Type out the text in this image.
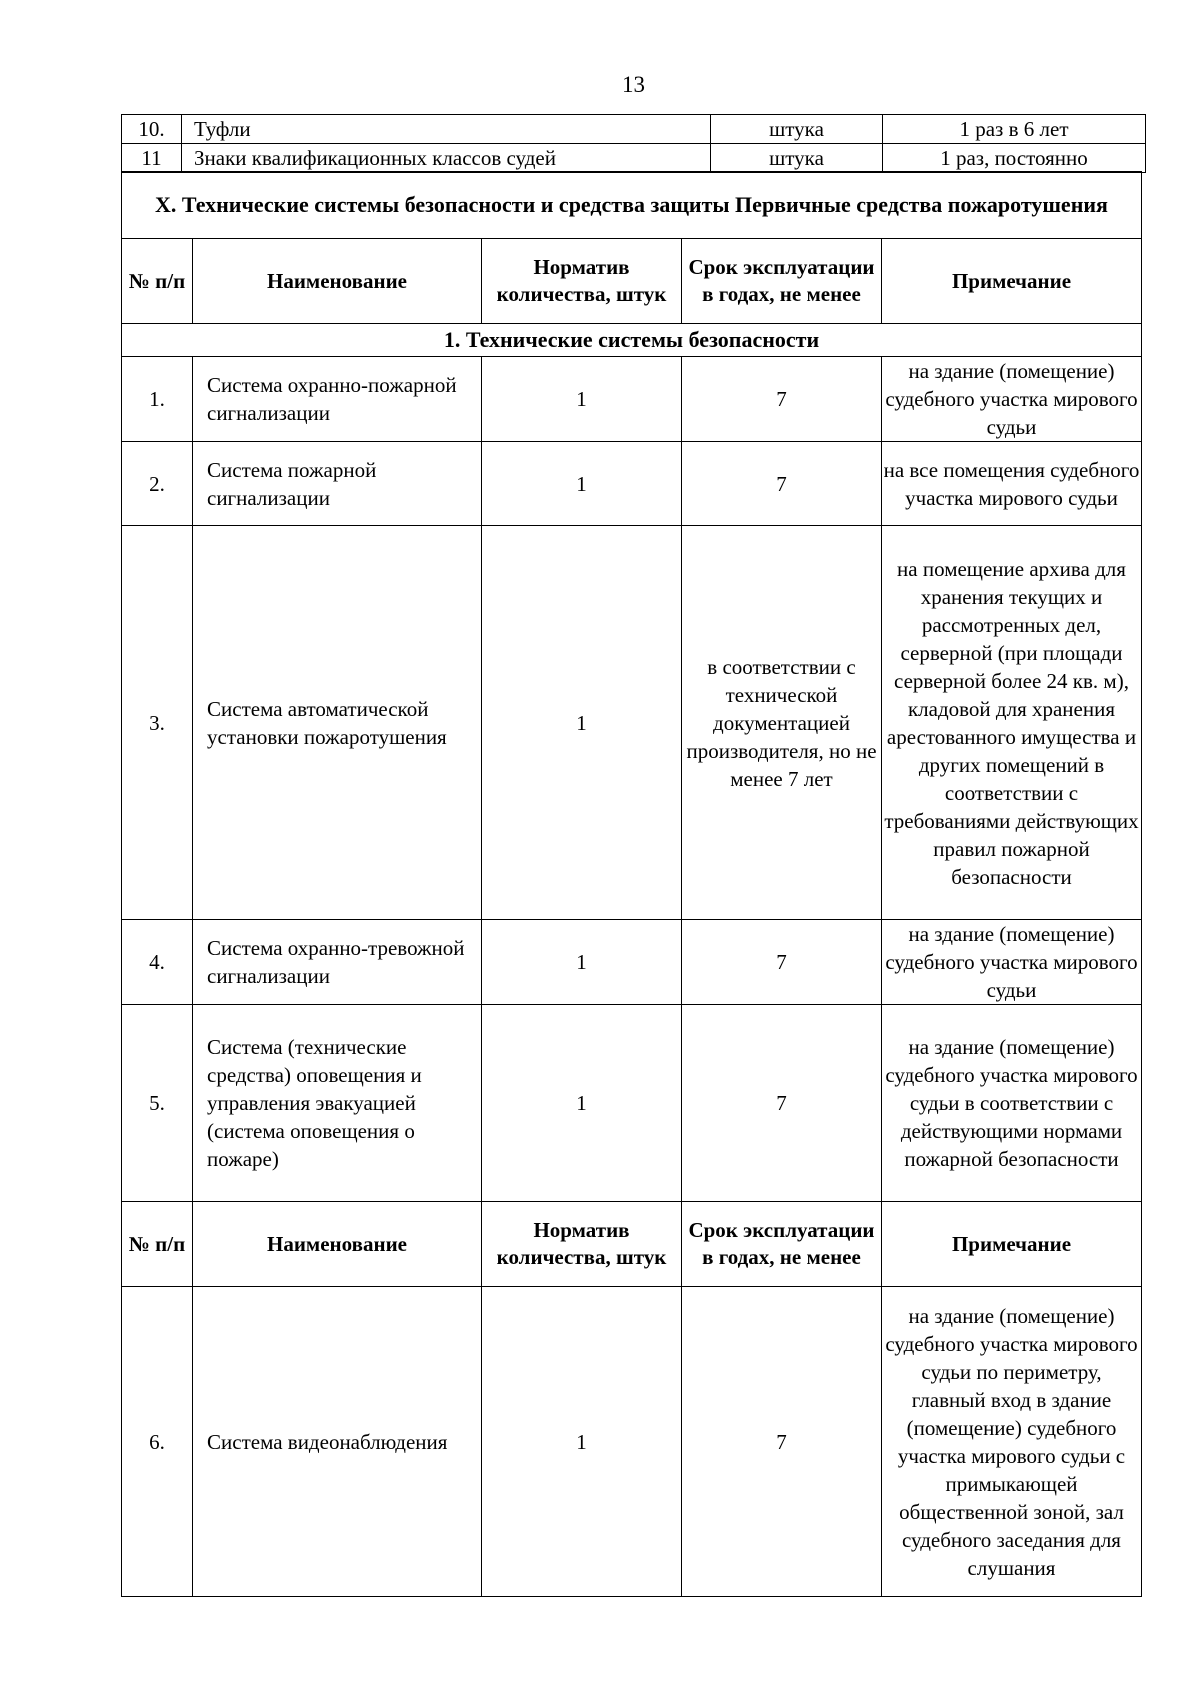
13
10.	Туфли	штука	1 раз в 6 лет
11	Знаки квалификационных классов судей	штука	1 раз, постоянно
X. Технические системы безопасности и средства защиты Первичные средства пожаротушения				
№ п/п	Наименование	Норматив количества, штук	Срок эксплуатации в годах, не менее	Примечание
1. Технические системы безопасности				
1.	Система охранно-пожарной сигнализации	1	7	на здание (помещение) судебного участка мирового судьи
2.	Система пожарной сигнализации	1	7	на все помещения судебного участка мирового судьи
3.	Система автоматической установки пожаротушения	1	в соответствии с технической документацией производителя, но не менее 7 лет	на помещение архива для хранения текущих и рассмотренных дел, серверной (при площади серверной более 24 кв. м), кладовой для хранения арестованного имущества и других помещений в соответствии с требованиями действующих правил пожарной безопасности
4.	Система охранно-тревожной сигнализации	1	7	на здание (помещение) судебного участка мирового судьи
5.	Система (технические средства) оповещения и управления эвакуацией (система оповещения о пожаре)	1	7	на здание (помещение) судебного участка мирового судьи в соответствии с действующими нормами пожарной безопасности
№ п/п	Наименование	Норматив количества, штук	Срок эксплуатации в годах, не менее	Примечание
6.	Система видеонаблюдения	1	7	на здание (помещение) судебного участка мирового судьи по периметру, главный вход в здание (помещение) судебного участка мирового судьи с примыкающей общественной зоной, зал судебного заседания для слушания
